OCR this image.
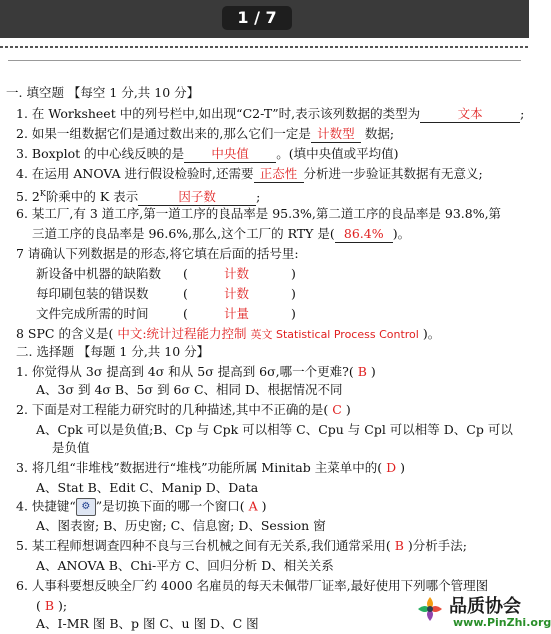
1 / 7
一. 填空题 【每空 1 分,共 10 分】
1. 在 Worksheet 中的列号栏中,如出现“C2-T”时,表示该列数据的类型为	文本	;
2. 如果一组数据它们是通过数出来的,那么它们一定是 计数型 数据;
3. Boxplot 的中心线反映的是 中央值 。(填中央值或平均值)
4. 在运用 ANOVA 进行假设检验时,还需要 正态性 分析进一步验证其数据有无意义;
5. $2^K$阶乘中的 K 表示	因子数	;
6. 某工厂,有 3 道工序,第一道工序的良品率是 95.3%,第二道工序的良品率是 93.8%,第
三道工序的良品率是 96.6%,那么,这个工厂的 RTY 是( 86.4% )。
7 请确认下列数据是的形态,将它填在后面的括号里:
新设备中机器的缺陷数 (	计数	)
每印刷包装的错误数	(	计数	)
文件完成所需的时间	(	计量	)
8 SPC 的含义是( 中文:统计过程能力控制 英文 Statistical Process Control )。
二. 选择题 【每题 1 分,共 10 分】
1. 你觉得从 3σ 提高到 4σ 和从 5σ 提高到 6σ,哪一个更难?( B )
A、3σ 到 4σ B、5σ 到 6σ C、相同 D、根据情况不同
2. 下面是对工程能力研究时的几种描述,其中不正确的是( C )
A、Cpk 可以是负值;B、Cp 与 Cpk 可以相等 C、Cpu 与 Cpl 可以相等 D、Cp 可以
是负值
3. 将几组“非堆栈”数据进行“堆栈”功能所属 Minitab 主菜单中的( D )
A、Stat B、Edit C、Manip D、Data
4. 快捷键“ ⚙ ”是切换下面的哪一个窗口( A )
A、图表窗; B、历史窗; C、信息窗; D、Session 窗
5. 某工程师想调查四种不良与三台机械之间有无关系,我们通常采用( B )分析手法;
A、ANOVA B、Chi-平方 C、回归分析 D、相关关系
6. 人事科要想反映全厂约 4000 名雇员的每天未佩带厂证率,最好使用下列哪个管理图
( B );
A、I-MR 图 B、p 图 C、u 图 D、C 图
品质协会
www.PinZhi.org
